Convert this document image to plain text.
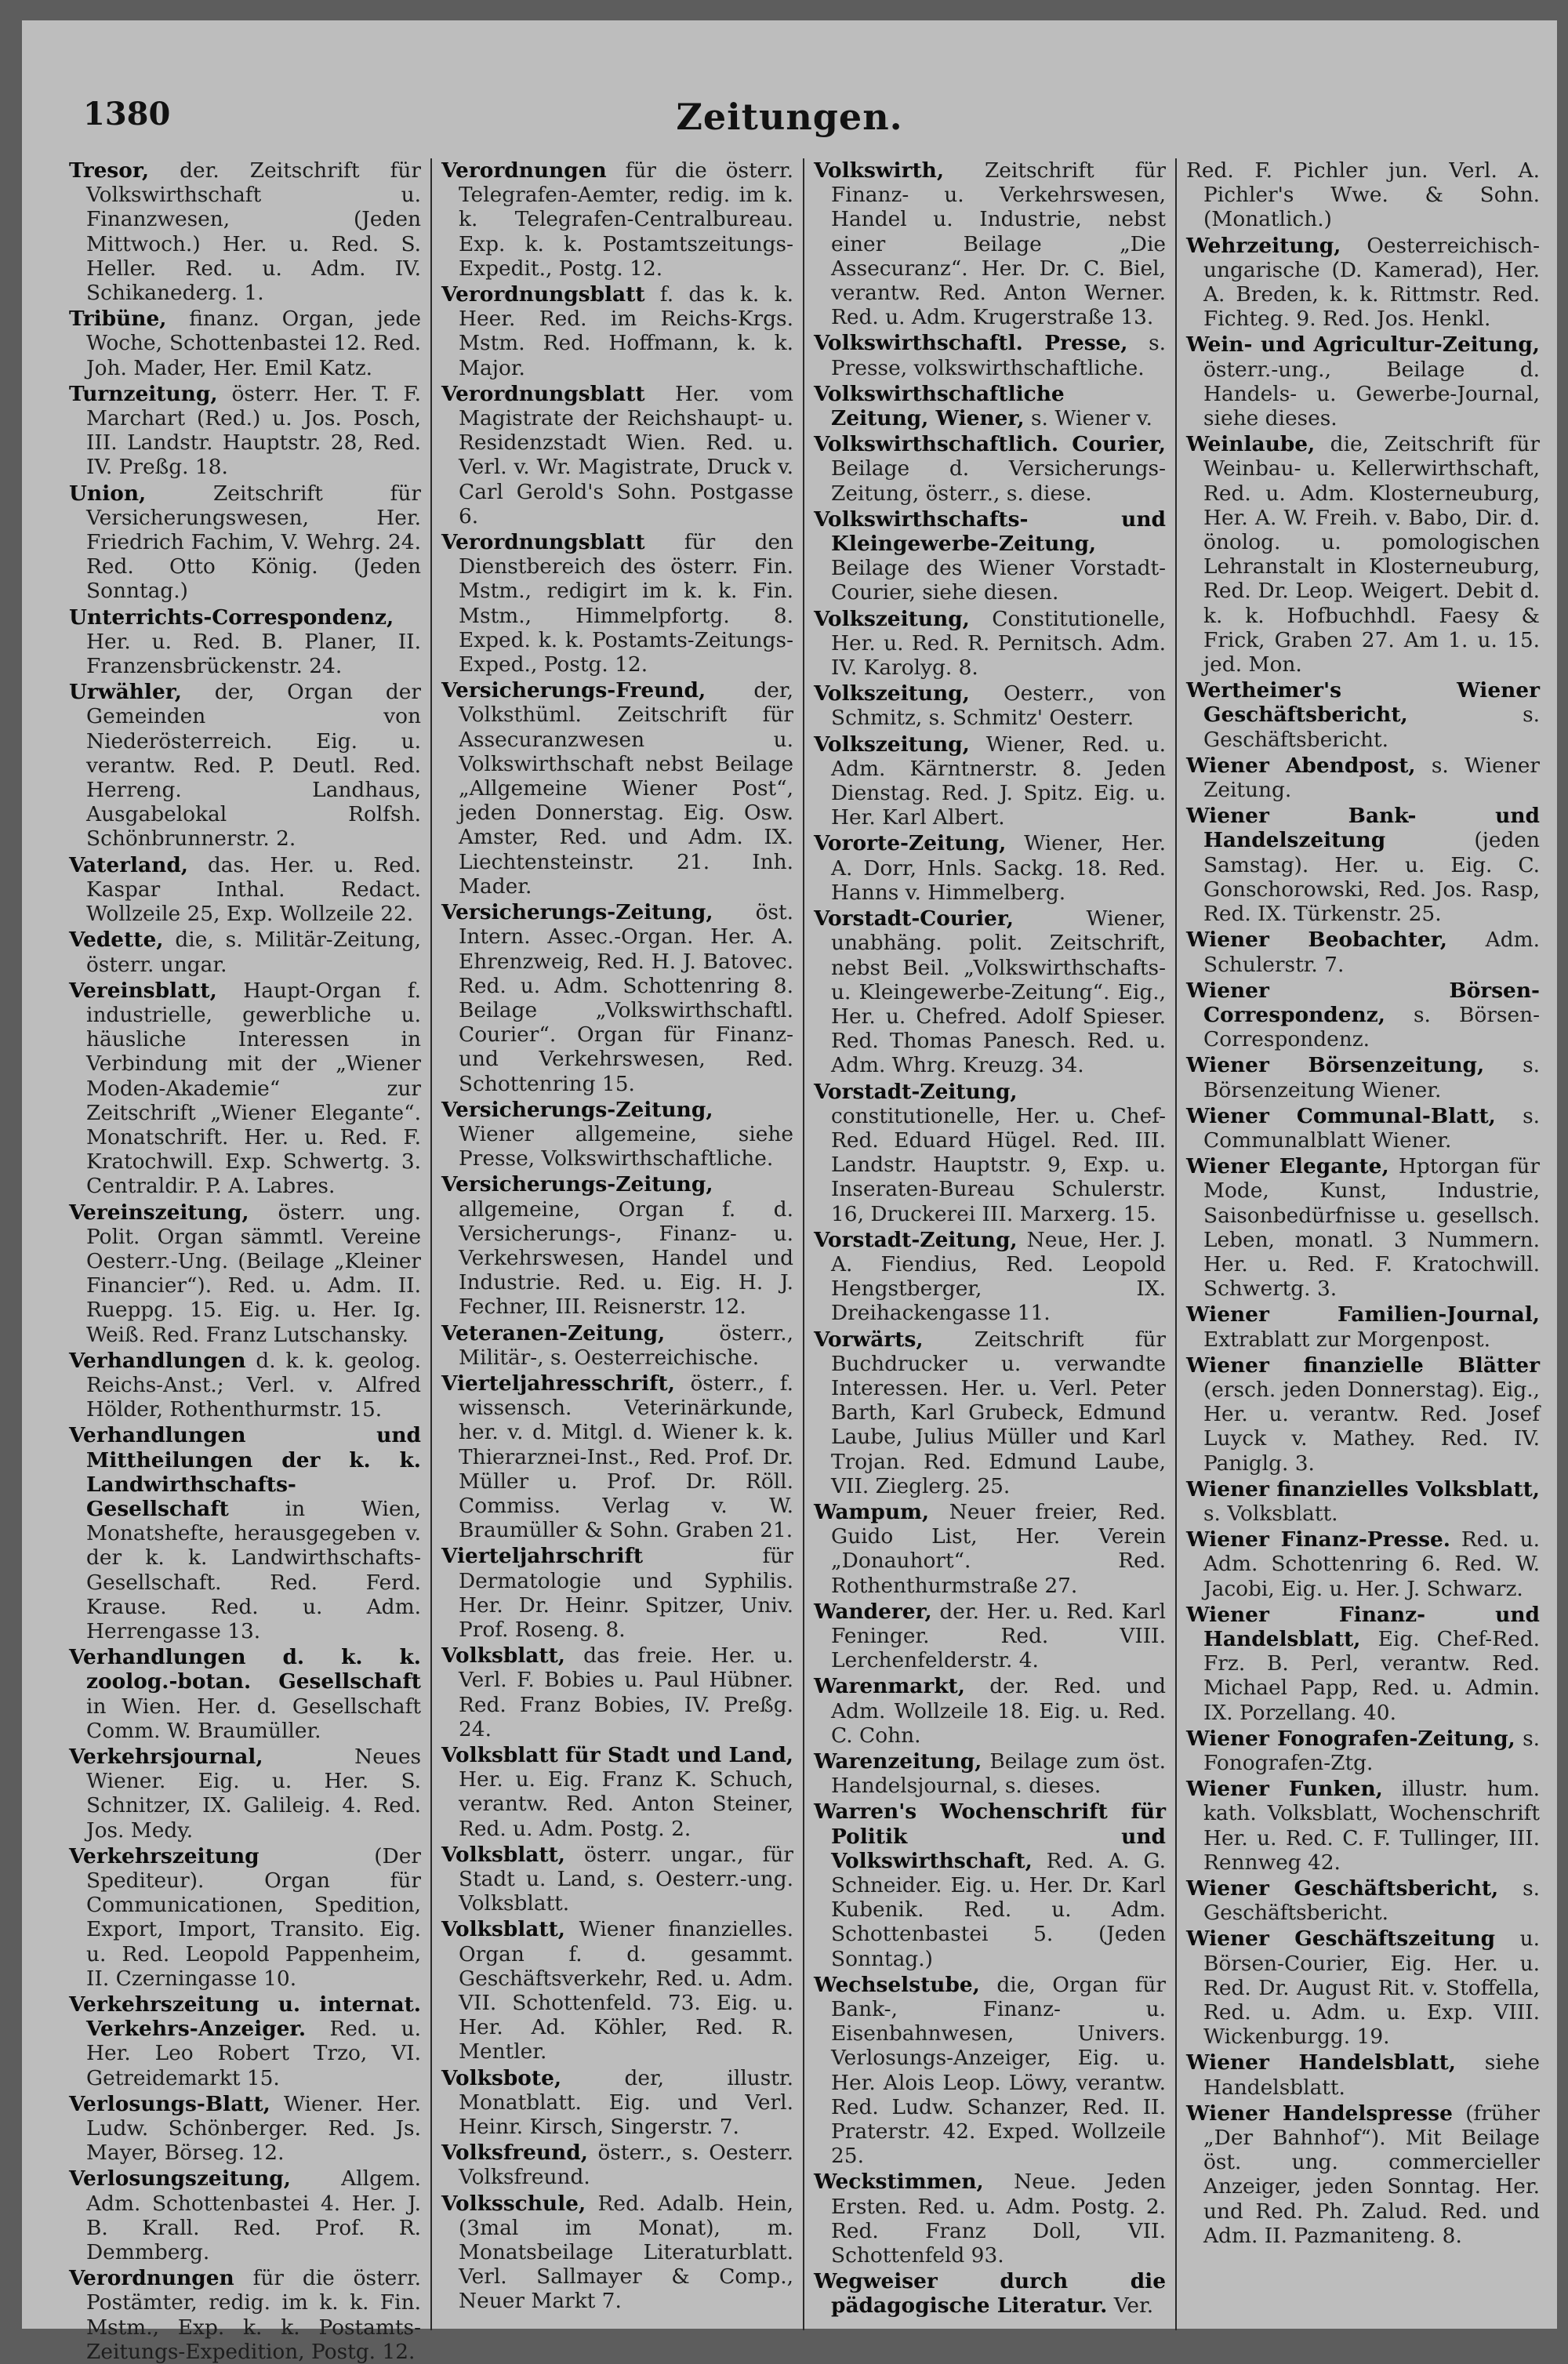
1380	Zeitungen.

Tresor, der. Zeitschrift für Volkswirthschaft u. Finanzwesen, (Jeden Mittwoch.) Her. u. Red. S. Heller. Red. u. Adm. IV. Schikanederg. 1.

Tribüne, finanz. Organ, jede Woche, Schottenbastei 12. Red. Joh. Mader, Her. Emil Katz.

Turnzeitung, österr. Her. T. F. Marchart (Red.) u. Jos. Posch, III. Landstr. Hauptstr. 28, Red. IV. Preßg. 18.

Union,	Zeitschrift für Versicherungswesen, Her. Friedrich Fachim, V. Wehrg. 24. Red. Otto König. (Jeden Sonntag.)

Unterrichts-Correspondenz, Her. u. Red. B. Planer, II. Franzensbrückenstr. 24.

Urwähler, der, Organ der Gemeinden von Niederösterreich. Eig. u. verantw. Red. P. Deutl. Red. Herreng. Landhaus, Ausgabelokal Rolfsh. Schönbrunnerstr. 2.

Vaterland, das. Her. u. Red. Kaspar Inthal. Redact. Wollzeile 25, Exp. Wollzeile 22.

Vedette, die, s. Militär-Zeitung, österr. ungar.

Vereinsblatt, Haupt-Organ f. industrielle, gewerbliche u. häusliche Interessen in Verbindung mit der „Wiener Moden-Akademie“ zur Zeitschrift „Wiener Elegante“. Monatschrift. Her. u. Red. F. Kratochwill. Exp. Schwertg. 3. Centraldir. P. A. Labres.

Vereinszeitung, österr. ung. Polit. Organ sämmtl. Vereine Oesterr.-Ung. (Beilage „Kleiner Financier“). Red. u. Adm. II. Rueppg. 15. Eig. u. Her. Ig. Weiß. Red. Franz Lutschansky.

Verhandlungen d. k. k. geolog. Reichs-Anst.; Verl. v. Alfred Hölder, Rothenthurmstr. 15.

Verhandlungen und Mittheilungen der k. k. Landwirthschafts-Gesellschaft	in Wien, Monatshefte, herausgegeben v. der k. k. Landwirthschafts-Gesellschaft. Red. Ferd. Krause. Red. u. Adm. Herrengasse 13.

Verhandlungen d. k. k. zoolog.-botan. Gesellschaft in Wien. Her. d. Gesellschaft Comm. W. Braumüller.

Verkehrsjournal,	Neues Wiener. Eig. u. Her. S. Schnitzer, IX. Galileig. 4. Red. Jos. Medy.

Verkehrszeitung	(Der Spediteur). Organ für Communicationen, Spedition, Export, Import, Transito. Eig. u. Red. Leopold Pappenheim, II. Czerningasse 10.

Verkehrszeitung u. internat. Verkehrs-Anzeiger. Red. u. Her. Leo Robert Trzo, VI. Getreidemarkt 15.

Verlosungs-Blatt, Wiener. Her. Ludw. Schönberger. Red. Js. Mayer, Börseg. 12.

Verlosungszeitung, Allgem. Adm. Schottenbastei 4. Her. J. B. Krall. Red. Prof. R. Demmberg.

Verordnungen für die österr. Postämter, redig. im k. k. Fin. Mstm., Exp. k. k. Postamts-Zeitungs-Expedition, Postg. 12.

Verordnungen für die österr. Telegrafen-Aemter, redig. im k. k. Telegrafen-Centralbureau. Exp. k. k. Postamtszeitungs-Expedit., Postg. 12.

Verordnungsblatt f. das k. k. Heer. Red. im Reichs-Krgs. Mstm. Red. Hoffmann, k. k. Major.

Verordnungsblatt Her. vom Magistrate der Reichshaupt- u. Residenzstadt Wien. Red. u. Verl. v. Wr. Magistrate, Druck v. Carl Gerold's Sohn. Postgasse 6.

Verordnungsblatt für den Dienstbereich des österr. Fin. Mstm., redigirt im k. k. Fin. Mstm., Himmelpfortg. 8. Exped. k. k. Postamts-Zeitungs-Exped., Postg. 12.

Versicherungs-Freund, der, Volksthüml. Zeitschrift für Assecuranzwesen u. Volkswirthschaft nebst Beilage „Allgemeine Wiener Post“, jeden Donnerstag. Eig. Osw. Amster, Red. und Adm. IX. Liechtensteinstr. 21. Inh. Mader.

Versicherungs-Zeitung, öst. Intern. Assec.-Organ. Her. A. Ehrenzweig, Red. H. J. Batovec. Red. u. Adm. Schottenring 8. Beilage „Volkswirthschaftl. Courier“. Organ für Finanz- und Verkehrswesen, Red. Schottenring 15.

Versicherungs-Zeitung, Wiener allgemeine, siehe Presse, Volkswirthschaftliche.

Versicherungs-Zeitung, allgemeine, Organ f. d. Versicherungs-, Finanz- u. Verkehrswesen, Handel und Industrie. Red. u. Eig. H. J. Fechner, III. Reisnerstr. 12.

Veteranen-Zeitung,	österr., Militär-, s. Oesterreichische.

Vierteljahresschrift, österr., f. wissensch. Veterinärkunde, her. v. d. Mitgl. d. Wiener k. k. Thierarznei-Inst., Red. Prof. Dr. Müller u. Prof. Dr. Röll. Commiss. Verlag v. W. Braumüller & Sohn. Graben 21.

Vierteljahrschrift	für Dermatologie und Syphilis. Her. Dr. Heinr. Spitzer, Univ. Prof. Roseng. 8.

Volksblatt, das freie. Her. u. Verl. F. Bobies u. Paul Hübner. Red. Franz Bobies, IV. Preßg. 24.

Volksblatt für Stadt und Land, Her. u. Eig. Franz K. Schuch, verantw. Red. Anton Steiner, Red. u. Adm. Postg. 2.

Volksblatt, österr. ungar., für Stadt u. Land, s. Oesterr.-ung. Volksblatt.

Volksblatt, Wiener finanzielles. Organ f. d. gesammt. Geschäftsverkehr, Red. u. Adm. VII. Schottenfeld. 73. Eig. u. Her. Ad. Köhler, Red. R. Mentler.

Volksbote,	der, illustr. Monatblatt. Eig. und Verl. Heinr. Kirsch, Singerstr. 7.

Volksfreund, österr., s. Oesterr. Volksfreund.

Volksschule, Red. Adalb. Hein, (3mal im Monat), m. Monatsbeilage Literaturblatt. Verl. Sallmayer & Comp., Neuer Markt 7.

Volkswirth, Zeitschrift für Finanz- u. Verkehrswesen, Handel u. Industrie, nebst einer Beilage „Die Assecuranz“. Her. Dr. C. Biel, verantw. Red. Anton Werner. Red. u. Adm. Krugerstraße 13.

Volkswirthschaftl. Presse, s. Presse, volkswirthschaftliche.

Volkswirthschaftliche Zeitung, Wiener, s. Wiener v.

Volkswirthschaftlich. Courier, Beilage d. Versicherungs-Zeitung, österr., s. diese.

Volkswirthschafts- und Kleingewerbe-Zeitung, Beilage des Wiener Vorstadt-Courier, siehe diesen.

Volkszeitung, Constitutionelle, Her. u. Red. R. Pernitsch. Adm. IV. Karolyg. 8.

Volkszeitung, Oesterr., von Schmitz, s. Schmitz' Oesterr.

Volkszeitung, Wiener, Red. u. Adm. Kärntnerstr. 8. Jeden Dienstag. Red. J. Spitz. Eig. u. Her. Karl Albert.

Vororte-Zeitung, Wiener, Her. A. Dorr, Hnls. Sackg. 18. Red. Hanns v. Himmelberg.

Vorstadt-Courier,	Wiener, unabhäng. polit. Zeitschrift, nebst Beil. „Volkswirthschafts- u. Kleingewerbe-Zeitung“. Eig., Her. u. Chefred. Adolf Spieser. Red. Thomas Panesch. Red. u. Adm. Whrg. Kreuzg. 34.

Vorstadt-Zeitung, constitutionelle, Her. u. Chef-Red. Eduard Hügel. Red. III. Landstr. Hauptstr. 9, Exp. u. Inseraten-Bureau Schulerstr. 16, Druckerei III. Marxerg. 15.

Vorstadt-Zeitung, Neue, Her. J. A. Fiendius, Red. Leopold Hengstberger, IX. Dreihackengasse 11.

Vorwärts, Zeitschrift für Buchdrucker u. verwandte Interessen. Her. u. Verl. Peter Barth, Karl Grubeck, Edmund Laube, Julius Müller und Karl Trojan. Red. Edmund Laube, VII. Zieglerg. 25.

Wampum, Neuer freier, Red. Guido List, Her. Verein „Donauhort“. Red. Rothenthurmstraße 27.

Wanderer, der. Her. u. Red. Karl Feninger. Red. VIII. Lerchenfelderstr. 4.

Warenmarkt, der. Red. und Adm. Wollzeile 18. Eig. u. Red. C. Cohn.

Warenzeitung, Beilage zum öst. Handelsjournal, s. dieses.

Warren's Wochenschrift für Politik und Volkswirthschaft, Red. A. G. Schneider. Eig. u. Her. Dr. Karl Kubenik. Red. u. Adm. Schottenbastei 5. (Jeden Sonntag.)

Wechselstube, die, Organ für Bank-, Finanz- u. Eisenbahnwesen, Univers. Verlosungs-Anzeiger, Eig. u. Her. Alois Leop. Löwy, verantw. Red. Ludw. Schanzer, Red. II. Praterstr. 42. Exped. Wollzeile 25.

Weckstimmen, Neue. Jeden Ersten. Red. u. Adm. Postg. 2. Red. Franz Doll, VII. Schottenfeld 93.

Wegweiser durch die pädagogische Literatur. Ver.

Red. F. Pichler jun. Verl. A. Pichler's Wwe. & Sohn. (Monatlich.)

Wehrzeitung, Oesterreichisch-ungarische (D. Kamerad), Her. A. Breden, k. k. Rittmstr. Red. Fichteg. 9. Red. Jos. Henkl.

Wein- und Agricultur-Zeitung, österr.-ung., Beilage d. Handels- u. Gewerbe-Journal, siehe dieses.

Weinlaube, die, Zeitschrift für Weinbau- u. Kellerwirthschaft, Red. u. Adm. Klosterneuburg, Her. A. W. Freih. v. Babo, Dir. d. önolog. u. pomologischen Lehranstalt in Klosterneuburg, Red. Dr. Leop. Weigert. Debit d. k. k. Hofbuchhdl. Faesy & Frick, Graben 27. Am 1. u. 15. jed. Mon.

Wertheimer's Wiener Geschäftsbericht,	s. Geschäftsbericht.

Wiener Abendpost, s. Wiener Zeitung.

Wiener Bank- und Handelszeitung	(jeden Samstag). Her. u. Eig. C. Gonschorowski, Red. Jos. Rasp, Red. IX. Türkenstr. 25.

Wiener Beobachter, Adm. Schulerstr. 7.

Wiener Börsen-Correspondenz, s. Börsen-Correspondenz.

Wiener Börsenzeitung, s. Börsenzeitung Wiener.

Wiener Communal-Blatt, s. Communalblatt Wiener.

Wiener Elegante, Hptorgan für Mode, Kunst, Industrie, Saisonbedürfnisse u. gesellsch. Leben, monatl. 3 Nummern. Her. u. Red. F. Kratochwill. Schwertg. 3.

Wiener Familien-Journal, Extrablatt zur Morgenpost.

Wiener finanzielle Blätter (ersch. jeden Donnerstag). Eig., Her. u. verantw. Red. Josef Luyck v. Mathey. Red. IV. Paniglg. 3.

Wiener finanzielles Volksblatt, s. Volksblatt.

Wiener Finanz-Presse. Red. u. Adm. Schottenring 6. Red. W. Jacobi, Eig. u. Her. J. Schwarz.

Wiener Finanz- und Handelsblatt, Eig. Chef-Red. Frz. B. Perl, verantw. Red. Michael Papp, Red. u. Admin. IX. Porzellang. 40.

Wiener Fonografen-Zeitung, s. Fonografen-Ztg.

Wiener Funken, illustr. hum. kath. Volksblatt, Wochenschrift Her. u. Red. C. F. Tullinger, III. Rennweg 42.

Wiener Geschäftsbericht, s. Geschäftsbericht.

Wiener Geschäftszeitung u. Börsen-Courier, Eig. Her. u. Red. Dr. August Rit. v. Stoffella, Red. u. Adm. u. Exp. VIII. Wickenburgg. 19.

Wiener Handelsblatt, siehe Handelsblatt.

Wiener Handelspresse (früher „Der Bahnhof“). Mit Beilage öst. ung. commercieller Anzeiger, jeden Sonntag. Her. und Red. Ph. Zalud. Red. und Adm. II. Pazmaniteng. 8.
